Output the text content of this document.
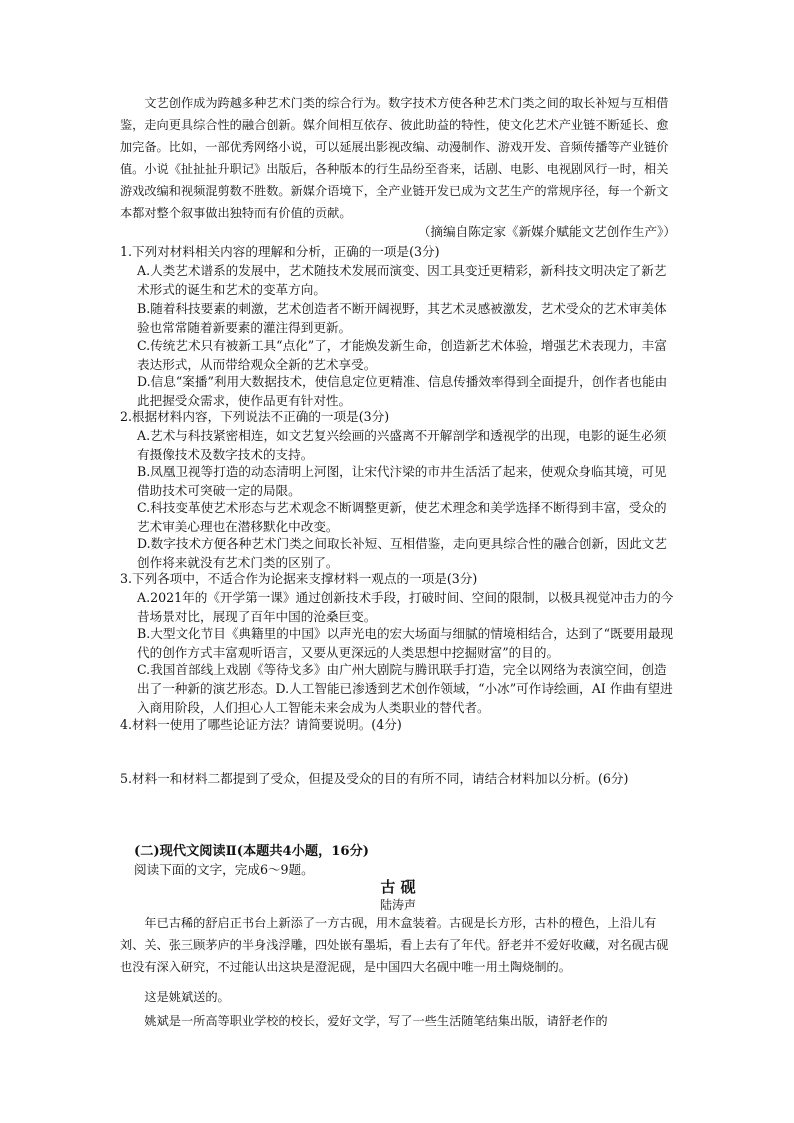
文艺创作成为跨越多种艺术门类的综合行为。数字技术方使各种艺术门类之间的取长补短与互相借鉴，走向更具综合性的融合创新。媒介间相互依存、彼此助益的特性，使文化艺术产业链不断延长、愈加完备。比如，一部优秀网络小说，可以延展出影视改编、动漫制作、游戏开发、音频传播等产业链价值。小说《扯扯扯升职记》出版后，各种版本的行生品纷至沓来，话剧、电影、电视剧风行一时，相关游戏改编和视频混剪数不胜数。新媒介语境下，全产业链开发已成为文艺生产的常规序径，每一个新文本都对整个叙事做出独特而有价值的贡献。

（摘编自陈定家《新媒介赋能文艺创作生产》）

1.下列对材料相关内容的理解和分析，正确的一项是(3分)

A.人类艺术谱系的发展中，艺术随技术发展而演变、因工具变迁更精彩，新科技文明决定了新艺术形式的诞生和艺术的变革方向。

B.随着科技要素的刺激，艺术创造者不断开阔视野，其艺术灵感被激发，艺术受众的艺术审美体验也常常随着新要素的灌注得到更新。

C.传统艺术只有被新工具“点化”了，才能焕发新生命，创造新艺术体验，增强艺术表现力，丰富表达形式，从而带给观众全新的艺术享受。

D.信息“案播”利用大数据技术，使信息定位更精准、信息传播效率得到全面提升，创作者也能由此把握受众需求，使作品更有针对性。

2.根据材料内容，下列说法不正确的一项是(3分)

A.艺术与科技紧密相连，如文艺复兴绘画的兴盛离不开解剖学和透视学的出现，电影的诞生必须有摄像技术及数字技术的支持。

B.凤凰卫视等打造的动态清明上河图，让宋代汴梁的市井生活活了起来，使观众身临其境，可见借助技术可突破一定的局限。

C.科技变革使艺术形态与艺术观念不断调整更新，使艺术理念和美学选择不断得到丰富，受众的艺术审美心理也在潜移默化中改变。

D.数字技术方便各种艺术门类之间取长补短、互相借鉴，走向更具综合性的融合创新，因此文艺创作将来就没有艺术门类的区别了。

3.下列各项中，不适合作为论据来支撑材料一观点的一项是(3分)

A.2021年的《开学第一课》通过创新技术手段，打破时间、空间的限制，以极具视觉冲击力的今昔场景对比，展现了百年中国的沧桑巨变。

B.大型文化节目《典籍里的中国》以声光电的宏大场面与细腻的情境相结合，达到了“既要用最现代的创作方式丰富观听语言，又要从更深远的人类思想中挖掘财富”的目的。

C.我国首部线上戏剧《等待戈多》由广州大剧院与腾讯联手打造，完全以网络为表演空间，创造出了一种新的演艺形态。D.人工智能已渗透到艺术创作领域，“小冰”可作诗绘画，AI 作曲有望进入商用阶段，人们担心人工智能未来会成为人类职业的替代者。

4.材料一使用了哪些论证方法？请简要说明。(4分)

5.材料一和材料二都提到了受众，但提及受众的目的有所不同，请结合材料加以分析。(6分)

(二)现代文阅读Ⅱ(本题共4小题，16分)

阅读下面的文字，完成6～9题。

古 砚

陆涛声

年已古稀的舒启正书台上新添了一方古砚，用木盒装着。古砚是长方形，古朴的橙色，上沿儿有刘、关、张三顾茅庐的半身浅浮雕，四处嵌有墨垢，看上去有了年代。舒老并不爱好收藏，对名砚古砚也没有深入研究，不过能认出这块是澄泥砚，是中国四大名砚中唯一用土陶烧制的。

这是姚斌送的。

姚斌是一所高等职业学校的校长，爱好文学，写了一些生活随笔结集出版，请舒老作的
